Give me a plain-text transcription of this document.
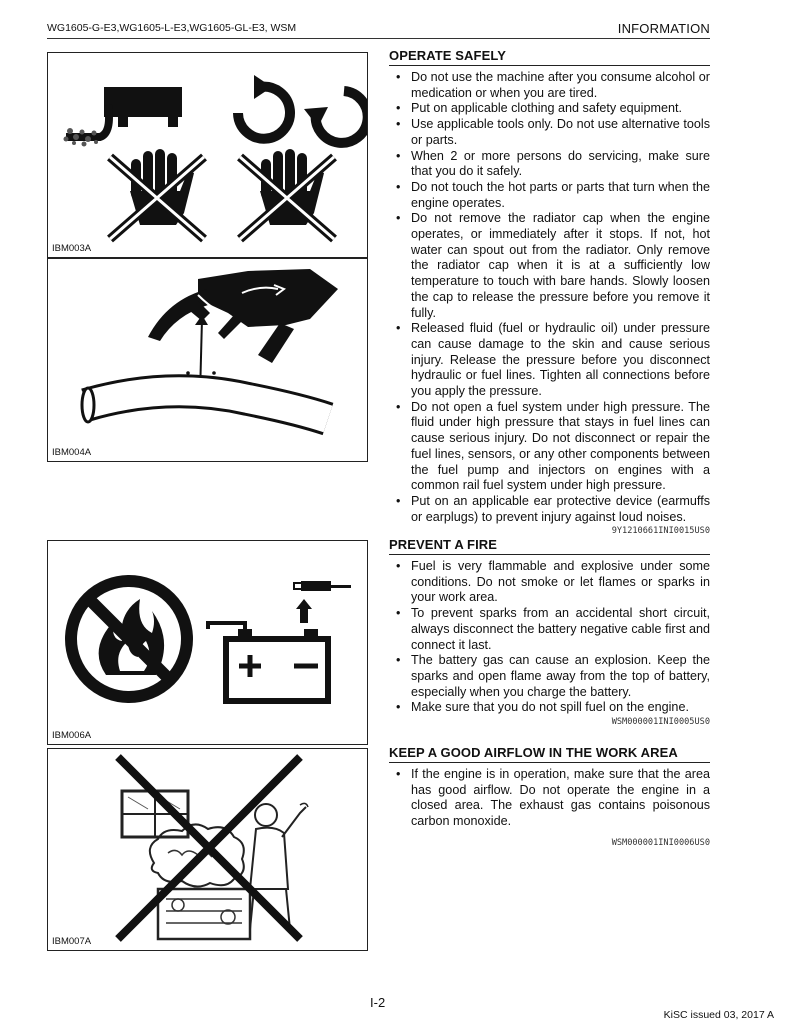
WG1605-G-E3,WG1605-L-E3,WG1605-GL-E3, WSM	INFORMATION
IBM003A
IBM004A
IBM006A
IBM007A
OPERATE SAFELY
• Do not use the machine after you consume alcohol or medication or when you are tired.
• Put on applicable clothing and safety equipment.
• Use applicable tools only. Do not use alternative tools or parts.
• When 2 or more persons do servicing, make sure that you do it safely.
• Do not touch the hot parts or parts that turn when the engine operates.
• Do not remove the radiator cap when the engine operates, or immediately after it stops. If not, hot water can spout out from the radiator. Only remove the radiator cap when it is at a sufficiently low temperature to touch with bare hands. Slowly loosen the cap to release the pressure before you remove it fully.
• Released fluid (fuel or hydraulic oil) under pressure can cause damage to the skin and cause serious injury. Release the pressure before you disconnect hydraulic or fuel lines. Tighten all connections before you apply the pressure.
• Do not open a fuel system under high pressure. The fluid under high pressure that stays in fuel lines can cause serious injury. Do not disconnect or repair the fuel lines, sensors, or any other components between the fuel pump and injectors on engines with a common rail fuel system under high pressure.
• Put on an applicable ear protective device (earmuffs or earplugs) to prevent injury against loud noises.
9Y1210661INI0015US0
PREVENT A FIRE
• Fuel is very flammable and explosive under some conditions. Do not smoke or let flames or sparks in your work area.
• To prevent sparks from an accidental short circuit, always disconnect the battery negative cable first and connect it last.
• The battery gas can cause an explosion. Keep the sparks and open flame away from the top of battery, especially when you charge the battery.
• Make sure that you do not spill fuel on the engine.
WSM000001INI0005US0
KEEP A GOOD AIRFLOW IN THE WORK AREA
• If the engine is in operation, make sure that the area has good airflow. Do not operate the engine in a closed area. The exhaust gas contains poisonous carbon monoxide.
WSM000001INI0006US0
I-2
KiSC issued 03, 2017 A
